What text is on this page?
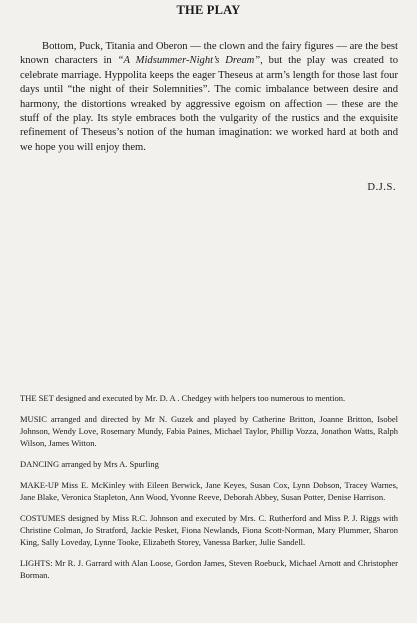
THE PLAY

Bottom, Puck, Titania and Oberon — the clown and the fairy figures — are the best known characters in “A Midsummer-Night’s Dream”, but the play was created to celebrate marriage. Hyppolita keeps the eager Theseus at arm’s length for those last four days until “the night of their Solemnities”. The comic imbalance between desire and harmony, the distortions wreaked by aggressive egoism on affection — these are the stuff of the play. Its style embraces both the vulgarity of the rustics and the exquisite refinement of Theseus’s notion of the human imagination: we worked hard at both and we hope you will enjoy them.

D.J.S.

THE SET designed and executed by Mr. D. A . Chedgey with helpers too numerous to mention.

MUSIC arranged and directed by Mr N. Guzek and played by Catherine Britton, Joanne Britton, Isobel Johnson, Wendy Love, Rosemary Mundy, Fabia Paines, Michael Taylor, Phillip Vozza, Jonathon Watts, Ralph Wilson, James Witton.

DANCING arranged by Mrs A. Spurling

MAKE-UP Miss E. McKinley with Eileen Berwick, Jane Keyes, Susan Cox, Lynn Dobson, Tracey Warnes, Jane Blake, Veronica Stapleton, Ann Wood, Yvonne Reeve, Deborah Abbey, Susan Potter, Denise Harrison.

COSTUMES designed by Miss R.C. Johnson and executed by Mrs. C. Rutherford and Miss P. J. Riggs with Christine Colman, Jo Stratford, Jackie Pesket, Fiona Newlands, Fiona Scott-Norman, Mary Plummer, Sharon King, Sally Loveday, Lynne Tooke, Elizabeth Storey, Vanessa Barker, Julie Sandell.

LIGHTS: Mr R. J. Garrard with Alan Loose, Gordon James, Steven Roebuck, Michael Arnott and Christopher Borman.
